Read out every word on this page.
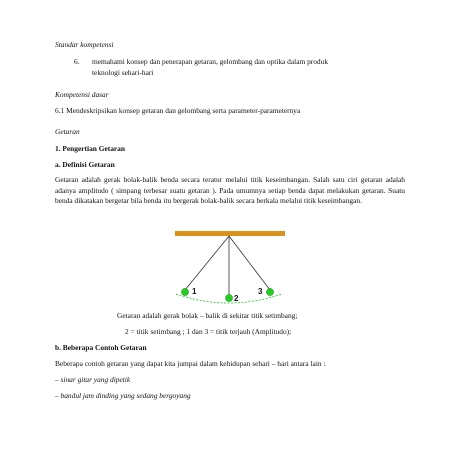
Standar kompetensi
6. memahami konsep dan penerapan getaran, gelombang dan optika dalam produk
teknologi sehari-hari
Kompetensi dasar
6.1 Mendeskripsikan konsep getaran dan gelombang serta parameter-parameternya
Getaran
1. Pengertian Getaran
a. Definisi Getaran
Getaran adalah gerak bolak-balik benda secara teratur melalui titik keseimbangan. Salah satu ciri getaran adalah adanya amplitudo ( simpang terbesar suatu getaran ). Pada umumnya setiap benda dapat melakukan getaran. Suatu benda dikatakan bergetar bila benda itu bergerak bolak-balik secara berkala melalui titik keseimbangan.
1
2
3
Getaran adalah gerak bolak – balik di sekitar titik setimbang;
2 = titik setimbang ; 1 dan 3 = titik terjauh (Amplitudo);
b. Beberapa Contoh Getaran
Beberapa contoh getaran yang dapat kita jumpai dalam kehidupan sehari – hari antara lain :
– sinar gitar yang dipetik
– bandul jam dinding yang sedang bergoyang
